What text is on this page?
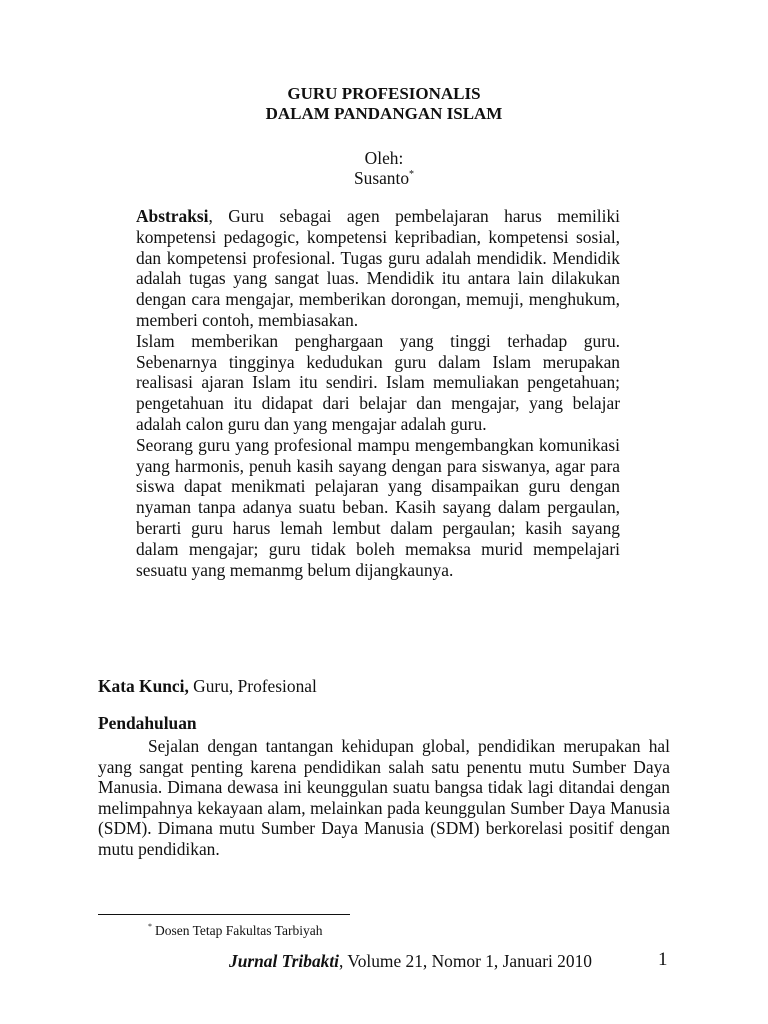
GURU PROFESIONALIS
DALAM PANDANGAN ISLAM
Oleh:
Susanto*

Abstraksi, Guru sebagai agen pembelajaran harus memiliki kompetensi pedagogic, kompetensi kepribadian, kompetensi sosial, dan kompetensi profesional. Tugas guru adalah mendidik. Mendidik adalah tugas yang sangat luas. Mendidik itu antara lain dilakukan dengan cara mengajar, memberikan dorongan, memuji, menghukum, memberi contoh, membiasakan.

Islam memberikan penghargaan yang tinggi terhadap guru. Sebenarnya tingginya kedudukan guru dalam Islam merupakan realisasi ajaran Islam itu sendiri. Islam memuliakan pengetahuan; pengetahuan itu didapat dari belajar dan mengajar, yang belajar adalah calon guru dan yang mengajar adalah guru.

Seorang guru yang profesional mampu mengembangkan komunikasi yang harmonis, penuh kasih sayang dengan para siswanya, agar para siswa dapat menikmati pelajaran yang disampaikan guru dengan nyaman tanpa adanya suatu beban. Kasih sayang dalam pergaulan, berarti guru harus lemah lembut dalam pergaulan; kasih sayang dalam mengajar; guru tidak boleh memaksa murid mempelajari sesuatu yang memanmg belum dijangkaunya.

Kata Kunci, Guru, Profesional
Pendahuluan

Sejalan dengan tantangan kehidupan global, pendidikan merupakan hal yang sangat penting karena pendidikan salah satu penentu mutu Sumber Daya Manusia. Dimana dewasa ini keunggulan suatu bangsa tidak lagi ditandai dengan melimpahnya kekayaan alam, melainkan pada keunggulan Sumber Daya Manusia (SDM). Dimana mutu Sumber Daya Manusia (SDM) berkorelasi positif dengan mutu pendidikan.

* Dosen Tetap Fakultas Tarbiyah
Jurnal Tribakti, Volume 21, Nomor 1, Januari 2010	1
